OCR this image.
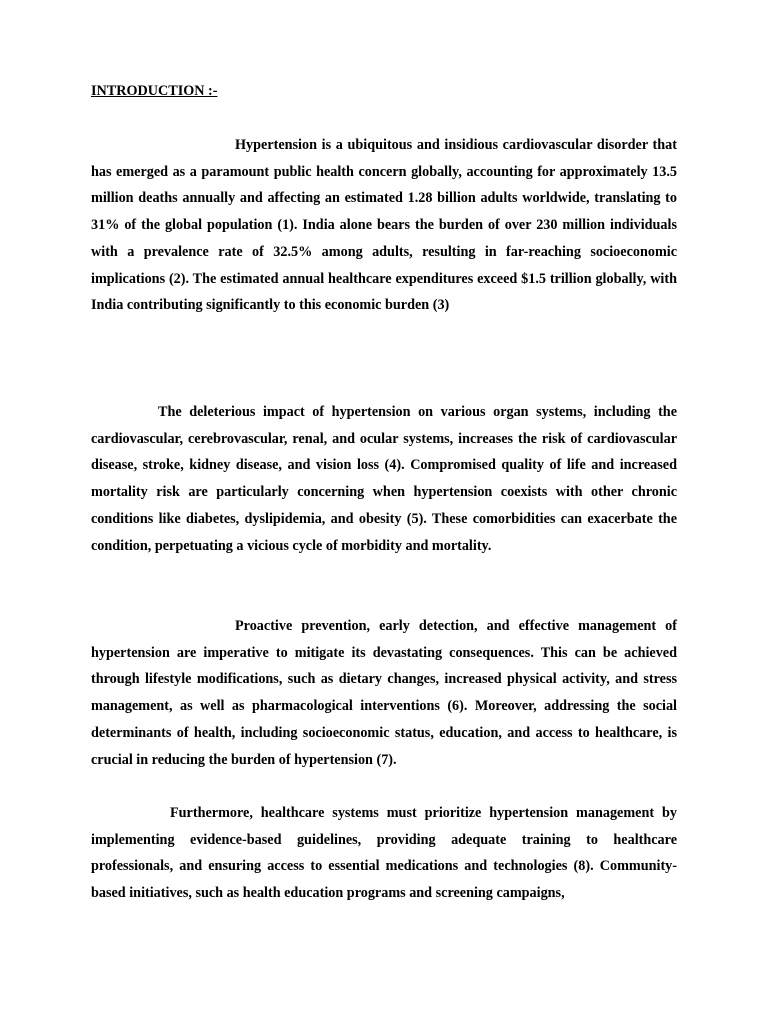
INTRODUCTION :-

Hypertension is a ubiquitous and insidious cardiovascular disorder that has emerged as a paramount public health concern globally, accounting for approximately 13.5 million deaths annually and affecting an estimated 1.28 billion adults worldwide, translating to 31% of the global population (1). India alone bears the burden of over 230 million individuals with a prevalence rate of 32.5% among adults, resulting in far-reaching socioeconomic implications (2). The estimated annual healthcare expenditures exceed $1.5 trillion globally, with India contributing significantly to this economic burden (3)

The deleterious impact of hypertension on various organ systems, including the cardiovascular, cerebrovascular, renal, and ocular systems, increases the risk of cardiovascular disease, stroke, kidney disease, and vision loss (4). Compromised quality of life and increased mortality risk are particularly concerning when hypertension coexists with other chronic conditions like diabetes, dyslipidemia, and obesity (5). These comorbidities can exacerbate the condition, perpetuating a vicious cycle of morbidity and mortality.

Proactive prevention, early detection, and effective management of hypertension are imperative to mitigate its devastating consequences. This can be achieved through lifestyle modifications, such as dietary changes, increased physical activity, and stress management, as well as pharmacological interventions (6). Moreover, addressing the social determinants of health, including socioeconomic status, education, and access to healthcare, is crucial in reducing the burden of hypertension (7).

Furthermore, healthcare systems must prioritize hypertension management by implementing evidence-based guidelines, providing adequate training to healthcare professionals, and ensuring access to essential medications and technologies (8). Community-based initiatives, such as health education programs and screening campaigns,
